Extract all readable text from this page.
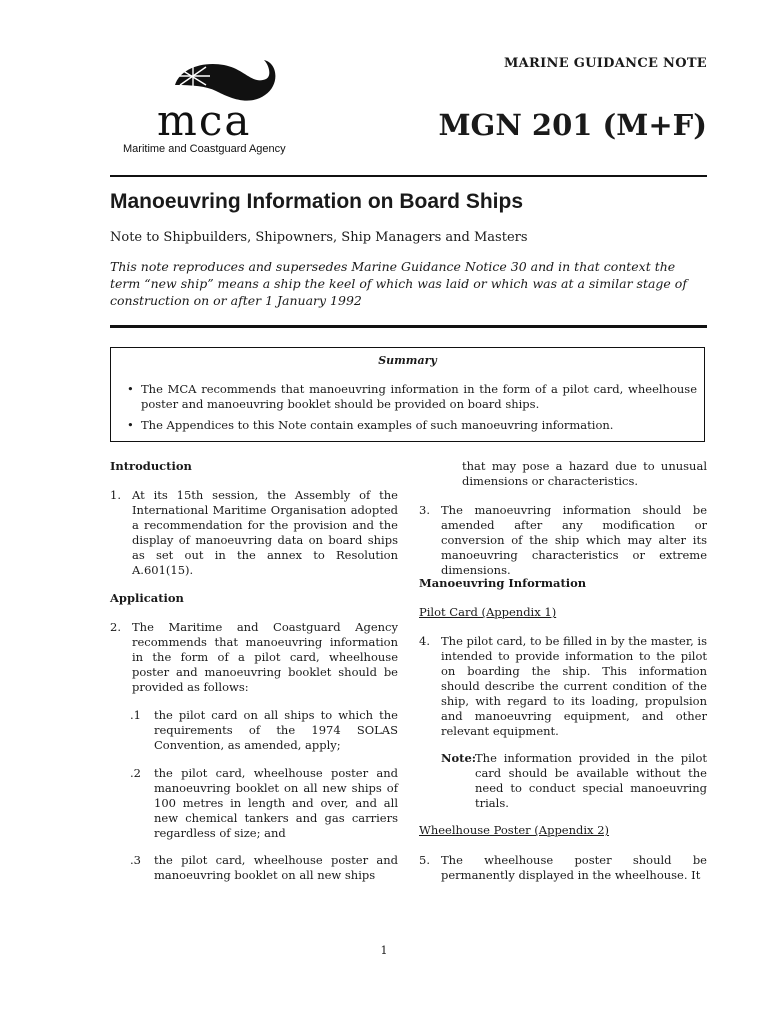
mca
Maritime and Coastguard Agency
MARINE GUIDANCE NOTE
MGN 201 (M+F)
Manoeuvring Information on Board Ships
Note to Shipbuilders, Shipowners, Ship Managers and Masters
This note reproduces and supersedes Marine Guidance Notice 30 and in that context the term “new ship” means a ship the keel of which was laid or which was at a similar stage of construction on or after 1 January 1992
Summary
• The MCA recommends that manoeuvring information in the form of a pilot card, wheelhouse poster and manoeuvring booklet should be provided on board ships.
• The Appendices to this Note contain examples of such manoeuvring information.
Introduction
1. At its 15th session, the Assembly of the International Maritime Organisation adopted a recommendation for the provision and the display of manoeuvring data on board ships as set out in the annex to Resolution A.601(15).
Application
2. The Maritime and Coastguard Agency recommends that manoeuvring information in the form of a pilot card, wheelhouse poster and manoeuvring booklet should be provided as follows:
.1 the pilot card on all ships to which the requirements of the 1974 SOLAS Convention, as amended, apply;
.2 the pilot card, wheelhouse poster and manoeuvring booklet on all new ships of 100 metres in length and over, and all new chemical tankers and gas carriers regardless of size; and
.3 the pilot card, wheelhouse poster and manoeuvring booklet on all new ships
that may pose a hazard due to unusual dimensions or characteristics.
3. The manoeuvring information should be amended after any modification or conversion of the ship which may alter its manoeuvring characteristics or extreme dimensions.
Manoeuvring Information
Pilot Card (Appendix 1)
4. The pilot card, to be filled in by the master, is intended to provide information to the pilot on boarding the ship. This information should describe the current condition of the ship, with regard to its loading, propulsion and manoeuvring equipment, and other relevant equipment.
Note:
The information provided in the pilot card should be available without the need to conduct special manoeuvring trials.
Wheelhouse Poster (Appendix 2)
5. The wheelhouse poster should be permanently displayed in the wheelhouse. It
1
